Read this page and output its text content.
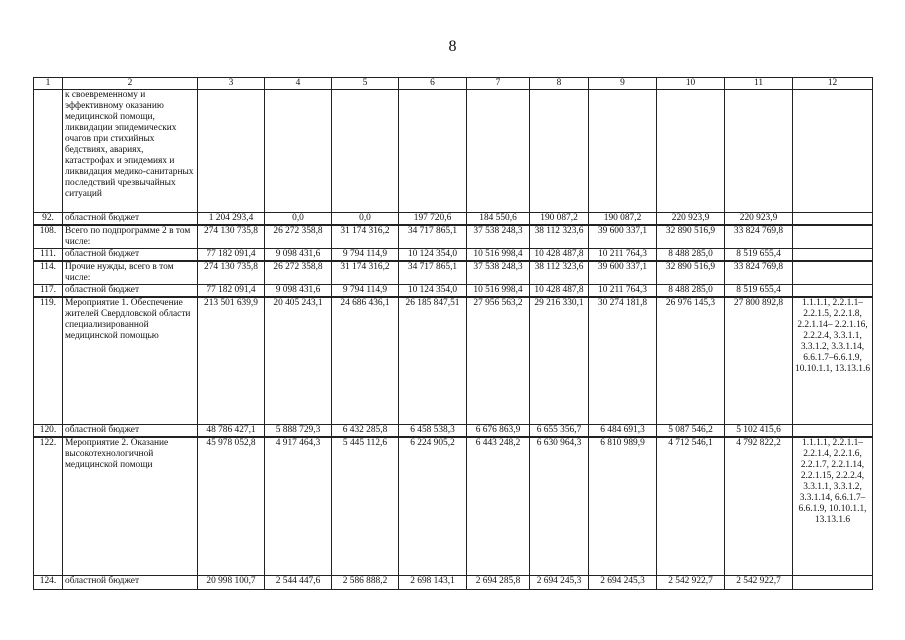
8
1	2	3	4	5	6	7	8	9	10	11	12
	к своевременному и эффективному оказанию медицинской помощи, ликвидации эпидемических очагов при стихийных бедствиях, авариях, катастрофах и эпидемиях и ликвидация медико-санитарных последствий чрезвычайных ситуаций										
92.	областной бюджет	1 204 293,4	0,0	0,0	197 720,6	184 550,6	190 087,2	190 087,2	220 923,9	220 923,9	
108.	Всего по подпрограмме 2 в том числе:	274 130 735,8	26 272 358,8	31 174 316,2	34 717 865,1	37 538 248,3	38 112 323,6	39 600 337,1	32 890 516,9	33 824 769,8	
111.	областной бюджет	77 182 091,4	9 098 431,6	9 794 114,9	10 124 354,0	10 516 998,4	10 428 487,8	10 211 764,3	8 488 285,0	8 519 655,4	
114.	Прочие нужды, всего в том числе:	274 130 735,8	26 272 358,8	31 174 316,2	34 717 865,1	37 538 248,3	38 112 323,6	39 600 337,1	32 890 516,9	33 824 769,8	
117.	областной бюджет	77 182 091,4	9 098 431,6	9 794 114,9	10 124 354,0	10 516 998,4	10 428 487,8	10 211 764,3	8 488 285,0	8 519 655,4	
119.	Мероприятие 1. Обеспечение жителей Свердловской области специализированной медицинской помощью	213 501 639,9	20 405 243,1	24 686 436,1	26 185 847,51	27 956 563,2	29 216 330,1	30 274 181,8	26 976 145,3	27 800 892,8	1.1.1.1, 2.2.1.1–2.2.1.5, 2.2.1.8, 2.2.1.14– 2.2.1.16, 2.2.2.4, 3.3.1.1, 3.3.1.2, 3.3.1.14, 6.6.1.7–6.6.1.9, 10.10.1.1, 13.13.1.6
120.	областной бюджет	48 786 427,1	5 888 729,3	6 432 285,8	6 458 538,3	6 676 863,9	6 655 356,7	6 484 691,3	5 087 546,2	5 102 415,6	
122.	Мероприятие 2. Оказание высокотехнологичной медицинской помощи	45 978 052,8	4 917 464,3	5 445 112,6	6 224 905,2	6 443 248,2	6 630 964,3	6 810 989,9	4 712 546,1	4 792 822,2	1.1.1.1, 2.2.1.1–2.2.1.4, 2.2.1.6, 2.2.1.7, 2.2.1.14, 2.2.1.15, 2.2.2.4, 3.3.1.1, 3.3.1.2, 3.3.1.14, 6.6.1.7–6.6.1.9, 10.10.1.1, 13.13.1.6
124.	областной бюджет	20 998 100,7	2 544 447,6	2 586 888,2	2 698 143,1	2 694 285,8	2 694 245,3	2 694 245,3	2 542 922,7	2 542 922,7	
